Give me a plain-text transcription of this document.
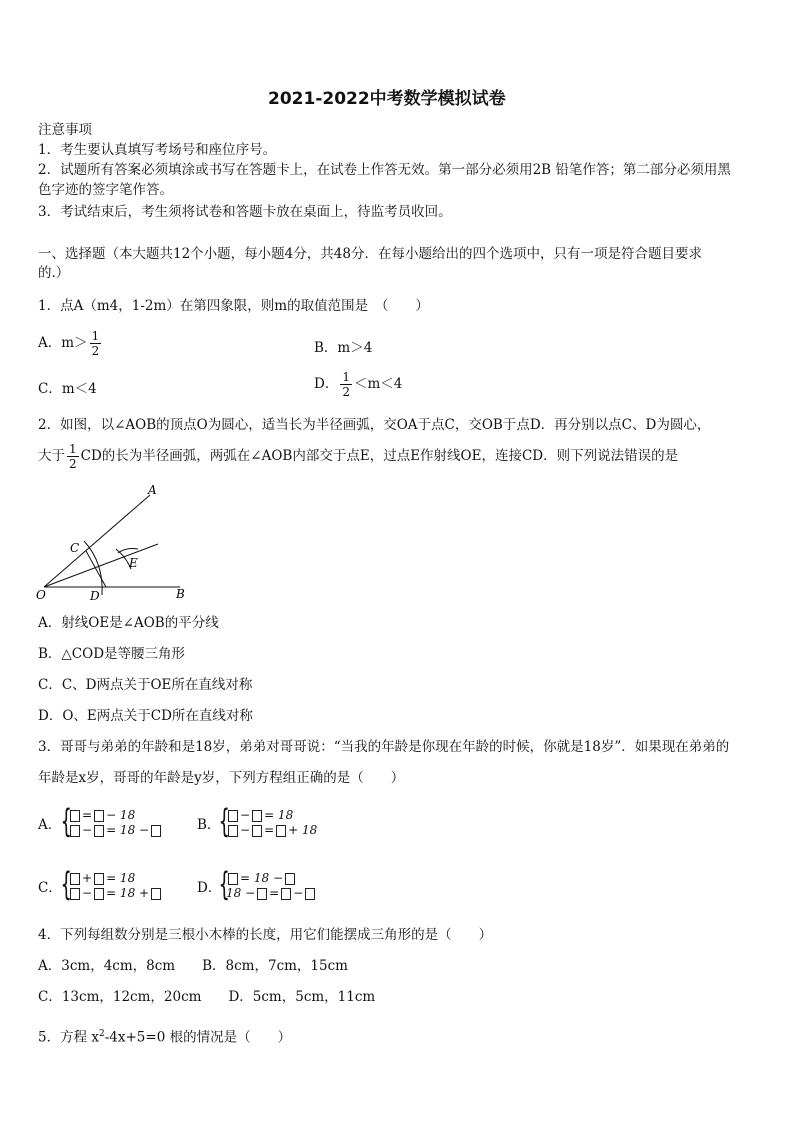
2021-2022中考数学模拟试卷
注意事项
1．考生要认真填写考场号和座位序号。
2．试题所有答案必须填涂或书写在答题卡上，在试卷上作答无效。第一部分必须用2B 铅笔作答；第二部分必须用黑
色字迹的签字笔作答。
3．考试结束后，考生须将试卷和答题卡放在桌面上，待监考员收回。
一、选择题（本大题共12个小题，每小题4分，共48分．在每小题给出的四个选项中，只有一项是符合题目要求
的.）
1．点A（m4，1-2m）在第四象限，则m的取值范围是　（　　）
A．$m> \frac{1}{2}$	B．m＞4
C．m＜4	D． $\frac{1}{2} <m<4$
2．如图，以∠AOB的顶点O为圆心，适当长为半径画弧，交OA于点C，交OB于点D．再分别以点C、D为圆心，
大于 $\frac{1}{2}$ CD的长为半径画弧，两弧在∠AOB内部交于点E，过点E作射线OE，连接CD．则下列说法错误的是
A
C
E
O	D	B
A．射线OE是∠AOB的平分线
B．△COD是等腰三角形
C．C、D两点关于OE所在直线对称
D．O、E两点关于CD所在直线对称
3．哥哥与弟弟的年龄和是18岁，弟弟对哥哥说：“当我的年龄是你现在年龄的时候，你就是18岁”．如果现在弟弟的
年龄是x岁，哥哥的年龄是y岁，下列方程组正确的是（　　）
A． { = − 18
− = 18 −	B．
{ − = 18
− = + 18
C．
{ + = 18
− = 18 +	D．
{ = 18 −
18 − = −
4．下列每组数分别是三根小木棒的长度，用它们能摆成三角形的是（　　）
A．3cm，4cm，8cm　　B．8cm，7cm，15cm
C．13cm，12cm，20cm　　D．5cm，5cm，11cm
5．方程 $x^2-4x+5=0$ 根的情况是（　　）
